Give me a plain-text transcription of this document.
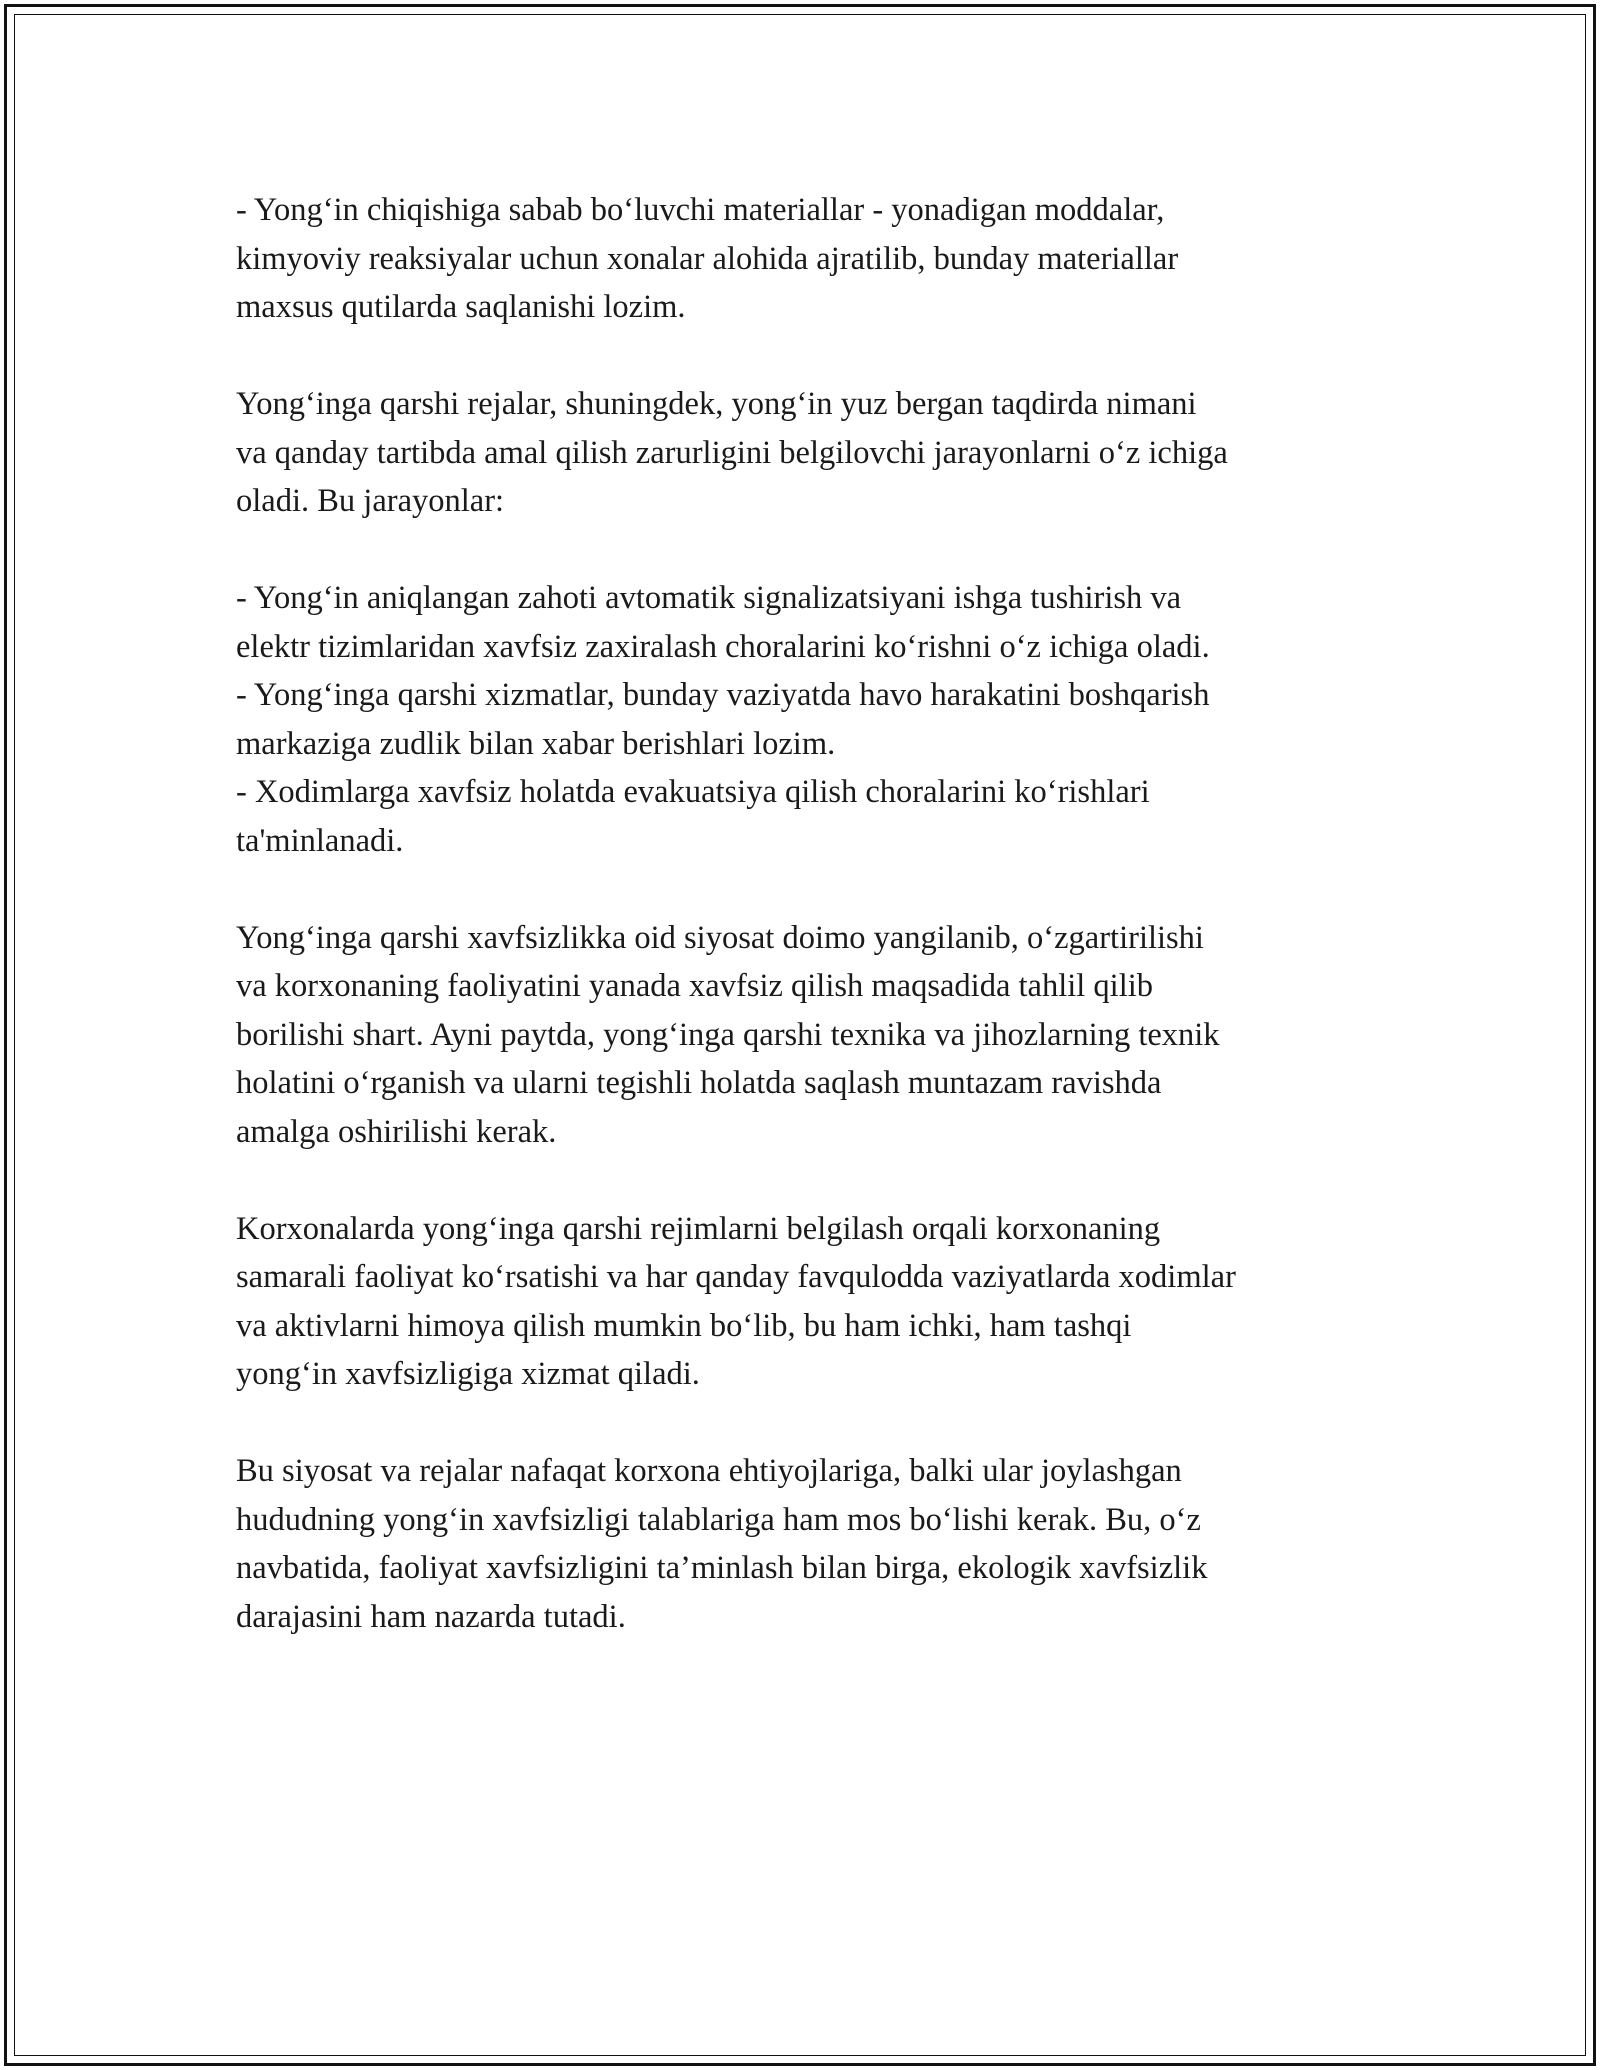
- Yong‘in chiqishiga sabab bo‘luvchi materiallar - yonadigan moddalar,
kimyoviy reaksiyalar uchun xonalar alohida ajratilib, bunday materiallar
maxsus qutilarda saqlanishi lozim.

Yong‘inga qarshi rejalar, shuningdek, yong‘in yuz bergan taqdirda nimani
va qanday tartibda amal qilish zarurligini belgilovchi jarayonlarni o‘z ichiga
oladi. Bu jarayonlar:

- Yong‘in aniqlangan zahoti avtomatik signalizatsiyani ishga tushirish va
elektr tizimlaridan xavfsiz zaxiralash choralarini ko‘rishni o‘z ichiga oladi.
- Yong‘inga qarshi xizmatlar, bunday vaziyatda havo harakatini boshqarish
markaziga zudlik bilan xabar berishlari lozim.
- Xodimlarga xavfsiz holatda evakuatsiya qilish choralarini ko‘rishlari
ta'minlanadi.

Yong‘inga qarshi xavfsizlikka oid siyosat doimo yangilanib, o‘zgartirilishi
va korxonaning faoliyatini yanada xavfsiz qilish maqsadida tahlil qilib
borilishi shart. Ayni paytda, yong‘inga qarshi texnika va jihozlarning texnik
holatini o‘rganish va ularni tegishli holatda saqlash muntazam ravishda
amalga oshirilishi kerak.

Korxonalarda yong‘inga qarshi rejimlarni belgilash orqali korxonaning
samarali faoliyat ko‘rsatishi va har qanday favqulodda vaziyatlarda xodimlar
va aktivlarni himoya qilish mumkin bo‘lib, bu ham ichki, ham tashqi
yong‘in xavfsizligiga xizmat qiladi.

Bu siyosat va rejalar nafaqat korxona ehtiyojlariga, balki ular joylashgan
hududning yong‘in xavfsizligi talablariga ham mos bo‘lishi kerak. Bu, o‘z
navbatida, faoliyat xavfsizligini ta’minlash bilan birga, ekologik xavfsizlik
darajasini ham nazarda tutadi.
